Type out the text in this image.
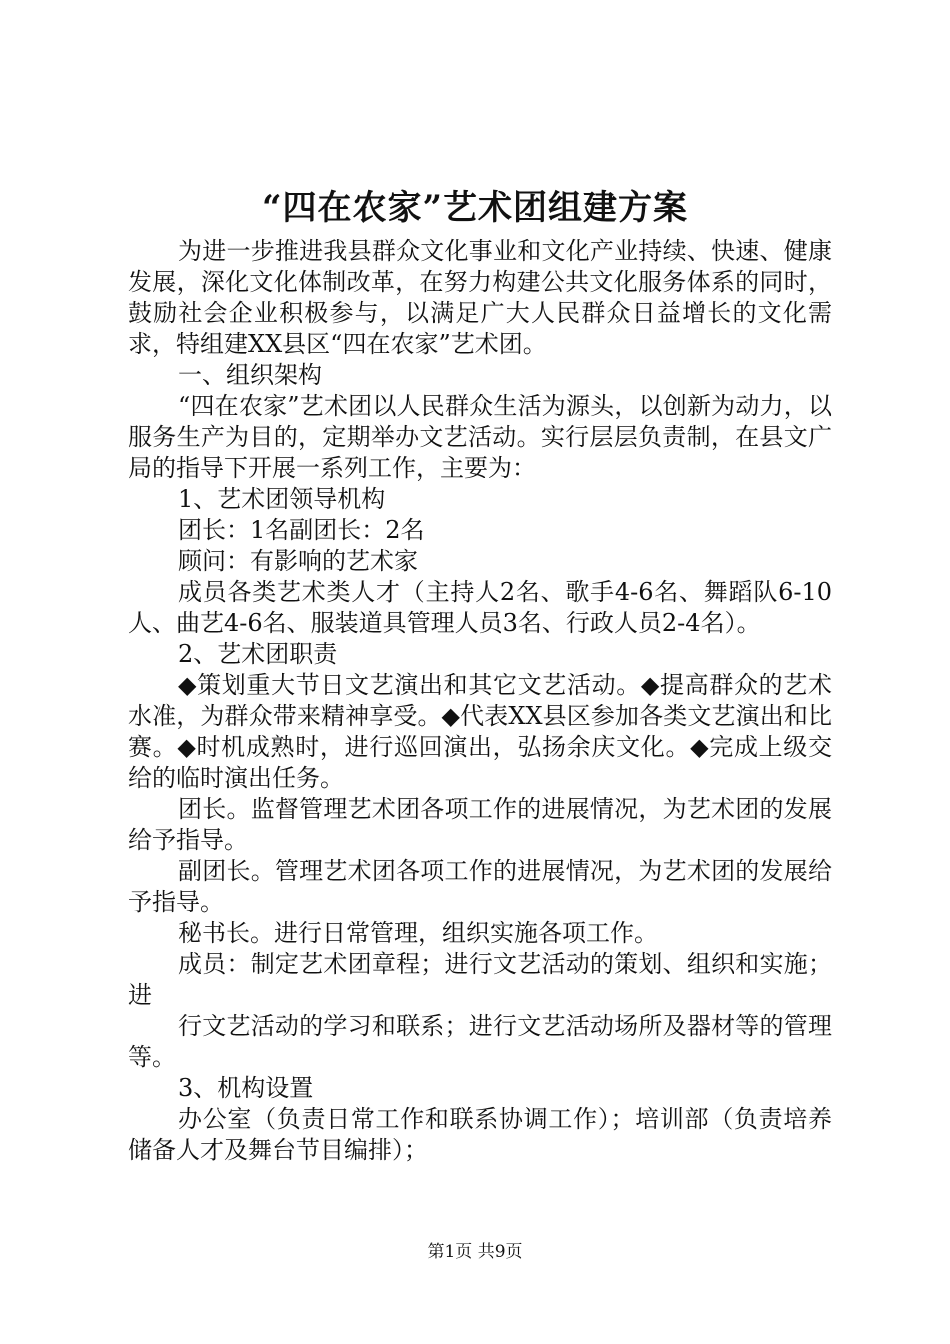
“四在农家”艺术团组建方案

为进一步推进我县群众文化事业和文化产业持续、快速、健康发展，深化文化体制改革，在努力构建公共文化服务体系的同时，鼓励社会企业积极参与，以满足广大人民群众日益增长的文化需求，特组建XX县区“四在农家”艺术团。

一、组织架构

“四在农家”艺术团以人民群众生活为源头，以创新为动力，以服务生产为目的，定期举办文艺活动。实行层层负责制，在县文广局的指导下开展一系列工作，主要为：

1、艺术团领导机构

团长：1名副团长：2名

顾问：有影响的艺术家

成员各类艺术类人才（主持人2名、歌手4-6名、舞蹈队6-10人、曲艺4-6名、服装道具管理人员3名、行政人员2-4名）。

2、艺术团职责

◆策划重大节日文艺演出和其它文艺活动。◆提高群众的艺术水准，为群众带来精神享受。◆代表XX县区参加各类文艺演出和比赛。◆时机成熟时，进行巡回演出，弘扬余庆文化。◆完成上级交给的临时演出任务。

团长。监督管理艺术团各项工作的进展情况，为艺术团的发展给予指导。

副团长。管理艺术团各项工作的进展情况，为艺术团的发展给予指导。

秘书长。进行日常管理，组织实施各项工作。

成员：制定艺术团章程；进行文艺活动的策划、组织和实施；进

行文艺活动的学习和联系；进行文艺活动场所及器材等的管理等。

3、机构设置

办公室（负责日常工作和联系协调工作）；培训部（负责培养储备人才及舞台节目编排）；

第1页 共9页
